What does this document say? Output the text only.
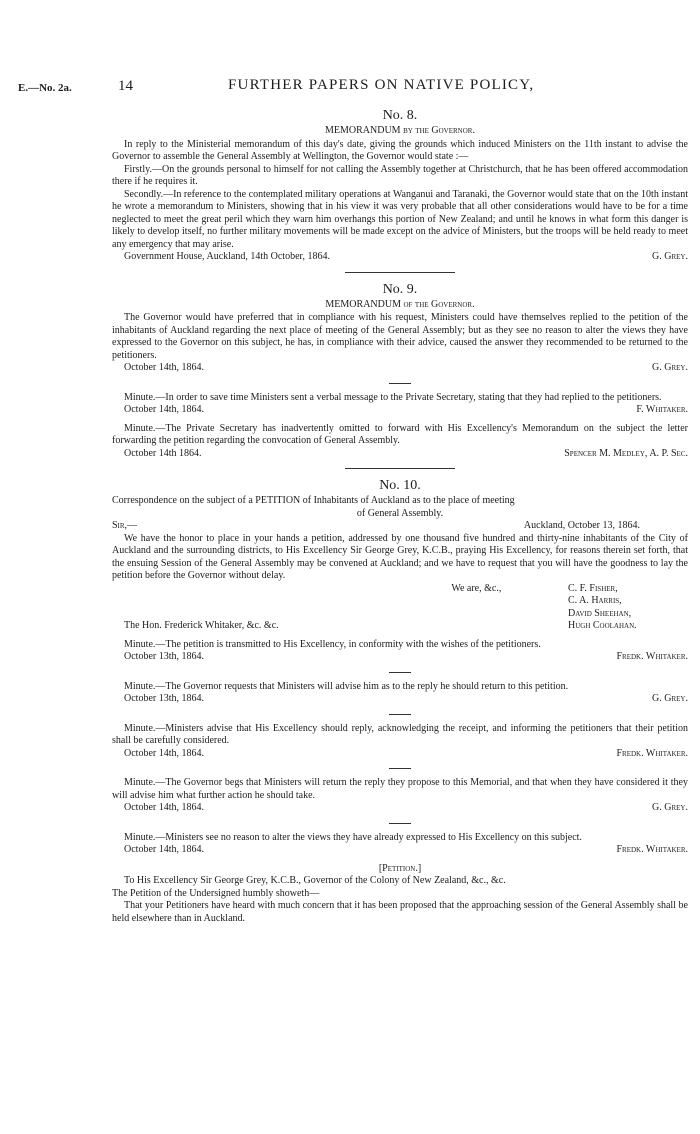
E.—No. 2a.	14	FURTHER PAPERS ON NATIVE POLICY,
No. 8.
MEMORANDUM by the Governor.

In reply to the Ministerial memorandum of this day's date, giving the grounds which induced Ministers on the 11th instant to advise the Governor to assemble the General Assembly at Wellington, the Governor would state :—

Firstly.—On the grounds personal to himself for not calling the Assembly together at Christchurch, that he has been offered accommodation there if he requires it.

Secondly.—In reference to the contemplated military operations at Wanganui and Taranaki, the Governor would state that on the 10th instant he wrote a memorandum to Ministers, showing that in his view it was very probable that all other considerations would have to be for a time neglected to meet the great peril which they warn him overhangs this portion of New Zealand; and until he knows in what form this danger is likely to develop itself, no further military movements will be made except on the advice of Ministers, but the troops will be held ready to meet any emergency that may arise.

Government House, Auckland, 14th October, 1864.	G. Grey.
No. 9.
MEMORANDUM of the Governor.

The Governor would have preferred that in compliance with his request, Ministers could have themselves replied to the petition of the inhabitants of Auckland regarding the next place of meeting of the General Assembly; but as they see no reason to alter the views they have expressed to the Governor on this subject, he has, in compliance with their advice, caused the answer they recommended to be returned to the petitioners.

October 14th, 1864.	G. Grey.

Minute.—In order to save time Ministers sent a verbal message to the Private Secretary, stating that they had replied to the petitioners.

October 14th, 1864.	F. Whitaker.

Minute.—The Private Secretary has inadvertently omitted to forward with His Excellency's Memorandum on the subject the letter forwarding the petition regarding the convocation of General Assembly.

October 14th 1864.	Spencer M. Medley, A. P. Sec.
No. 10.
Correspondence on the subject of a PETITION of Inhabitants of Auckland as to the place of meeting
of General Assembly.
Sir,—	Auckland, October 13, 1864.

We have the honor to place in your hands a petition, addressed by one thousand five hundred and thirty-nine inhabitants of the City of Auckland and the surrounding districts, to His Excellency Sir George Grey, K.C.B., praying His Excellency, for reasons therein set forth, that the ensuing Session of the General Assembly may be convened at Auckland; and we have to request that you will have the goodness to lay the petition before the Governor without delay.

The Hon. Frederick Whitaker, &c. &c.
We are, &c.,	C. F. Fisher,
C. A. Harris,
David Sheehan,
Hugh Coolahan.

Minute.—The petition is transmitted to His Excellency, in conformity with the wishes of the petitioners.

October 13th, 1864.	Fredk. Whitaker.

Minute.—The Governor requests that Ministers will advise him as to the reply he should return to this petition.

October 13th, 1864.	G. Grey.

Minute.—Ministers advise that His Excellency should reply, acknowledging the receipt, and informing the petitioners that their petition shall be carefully considered.

October 14th, 1864.	Fredk. Whitaker.

Minute.—The Governor begs that Ministers will return the reply they propose to this Memorial, and that when they have considered it they will advise him what further action he should take.

October 14th, 1864.	G. Grey.

Minute.—Ministers see no reason to alter the views they have already expressed to His Excellency on this subject.

October 14th, 1864.	Fredk. Whitaker.
[Petition.]

To His Excellency Sir George Grey, K.C.B., Governor of the Colony of New Zealand, &c., &c.

The Petition of the Undersigned humbly showeth—

That your Petitioners have heard with much concern that it has been proposed that the approaching session of the General Assembly shall be held elsewhere than in Auckland.
